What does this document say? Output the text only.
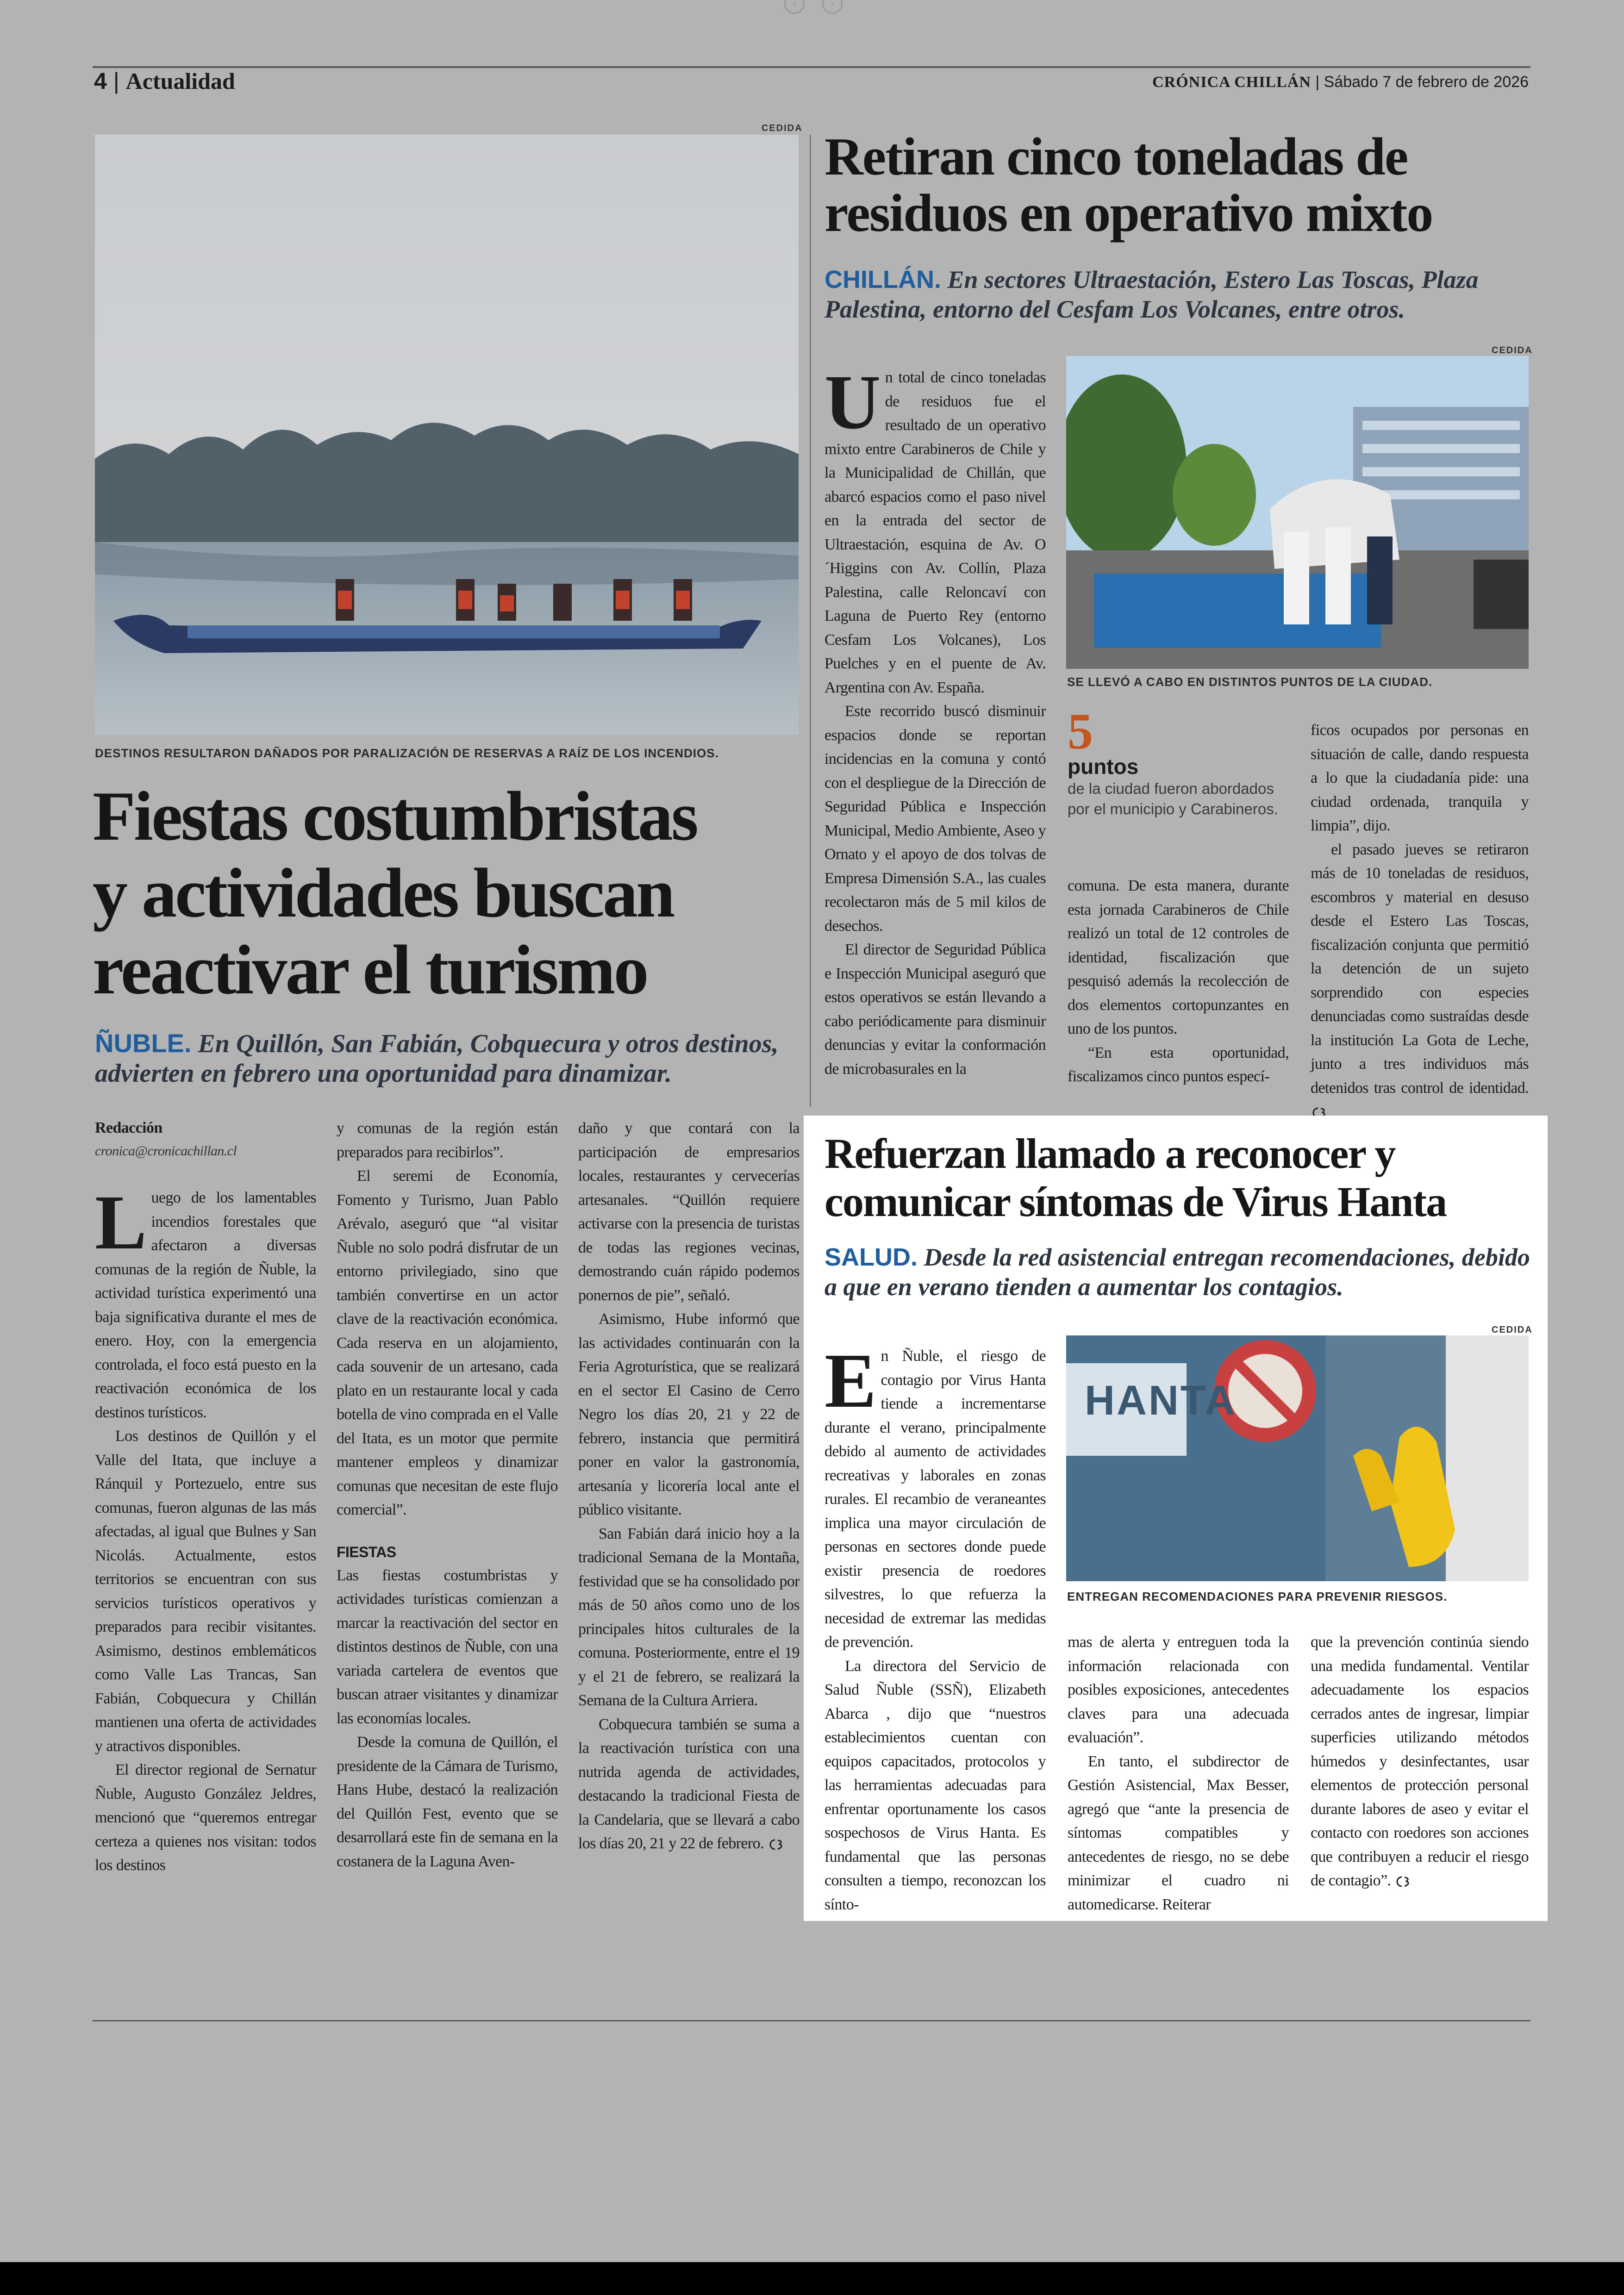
‹	›
4 | Actualidad	CRÓNICA CHILLÁN | Sábado 7 de febrero de 2026
CEDIDA
DESTINOS RESULTARON DAÑADOS POR PARALIZACIÓN DE RESERVAS A RAÍZ DE LOS INCENDIOS.
Fiestas costumbristas
y actividades buscan
reactivar el turismo

ÑUBLE. En Quillón, San Fabián, Cobquecura y otros destinos, advierten en febrero una oportunidad para dinamizar.

Redacción
cronica@cronicachillan.cl

Luego de los lamentables incendios forestales que afectaron a diversas comunas de la región de Ñuble, la actividad turística experimentó una baja significativa durante el mes de enero. Hoy, con la emergencia controlada, el foco está puesto en la reactivación económica de los destinos turísticos.

Los destinos de Quillón y el Valle del Itata, que incluye a Ránquil y Portezuelo, entre sus comunas, fueron algunas de las más afectadas, al igual que Bulnes y San Nicolás. Actualmente, estos territorios se encuentran con sus servicios turísticos operativos y preparados para recibir visitantes. Asimismo, destinos emblemáticos como Valle Las Trancas, San Fabián, Cobquecura y Chillán mantienen una oferta de actividades y atractivos disponibles.

El director regional de Sernatur Ñuble, Augusto González Jeldres, mencionó que “queremos entregar certeza a quienes nos visitan: todos los destinos

y comunas de la región están preparados para recibirlos”.

El seremi de Economía, Fomento y Turismo, Juan Pablo Arévalo, aseguró que “al visitar Ñuble no solo podrá disfrutar de un entorno privilegiado, sino que también convertirse en un actor clave de la reactivación económica. Cada reserva en un alojamiento, cada souvenir de un artesano, cada plato en un restaurante local y cada botella de vino comprada en el Valle del Itata, es un motor que permite mantener empleos y dinamizar comunas que necesitan de este flujo comercial”.

FIESTAS

Las fiestas costumbristas y actividades turísticas comienzan a marcar la reactivación del sector en distintos destinos de Ñuble, con una variada cartelera de eventos que buscan atraer visitantes y dinamizar las economías locales.

Desde la comuna de Quillón, el presidente de la Cámara de Turismo, Hans Hube, destacó la realización del Quillón Fest, evento que se desarrollará este fin de semana en la costanera de la Laguna Aven-

daño y que contará con la participación de empresarios locales, restaurantes y cervecerías artesanales. “Quillón requiere activarse con la presencia de turistas de todas las regiones vecinas, demostrando cuán rápido podemos ponernos de pie”, señaló.

Asimismo, Hube informó que las actividades continuarán con la Feria Agroturística, que se realizará en el sector El Casino de Cerro Negro los días 20, 21 y 22 de febrero, instancia que permitirá poner en valor la gastronomía, artesanía y licorería local ante el público visitante.

San Fabián dará inicio hoy a la tradicional Semana de la Montaña, festividad que se ha consolidado por más de 50 años como uno de los principales hitos culturales de la comuna. Posteriormente, entre el 19 y el 21 de febrero, se realizará la Semana de la Cultura Arriera.

Cobquecura también se suma a la reactivación turística con una nutrida agenda de actividades, destacando la tradicional Fiesta de la Candelaria, que se llevará a cabo los días 20, 21 y 22 de febrero.

Retiran cinco toneladas de
residuos en operativo mixto

CHILLÁN. En sectores Ultraestación, Estero Las Toscas, Plaza Palestina, entorno del Cesfam Los Volcanes, entre otros.

CEDIDA
SE LLEVÓ A CABO EN DISTINTOS PUNTOS DE LA CIUDAD.

Un total de cinco toneladas de residuos fue el resultado de un operativo mixto entre Carabineros de Chile y la Municipalidad de Chillán, que abarcó espacios como el paso nivel en la entrada del sector de Ultraestación, esquina de Av. O´Higgins con Av. Collín, Plaza Palestina, calle Reloncaví con Laguna de Puerto Rey (entorno Cesfam Los Volcanes), Los Puelches y en el puente de Av. Argentina con Av. España.

Este recorrido buscó disminuir espacios donde se reportan incidencias en la comuna y contó con el despliegue de la Dirección de Seguridad Pública e Inspección Municipal, Medio Ambiente, Aseo y Ornato y el apoyo de dos tolvas de Empresa Dimensión S.A., las cuales recolectaron más de 5 mil kilos de desechos.

El director de Seguridad Pública e Inspección Municipal aseguró que estos operativos se están llevando a cabo periódicamente para disminuir denuncias y evitar la conformación de microbasurales en la

5
puntos
de la ciudad fueron abordados por el municipio y Carabineros.

comuna. De esta manera, durante esta jornada Carabineros de Chile realizó un total de 12 controles de identidad, fiscalización que pesquisó además la recolección de dos elementos cortopunzantes en uno de los puntos.

“En esta oportunidad, fiscalizamos cinco puntos especí-

ficos ocupados por personas en situación de calle, dando respuesta a lo que la ciudadanía pide: una ciudad ordenada, tranquila y limpia”, dijo.

el pasado jueves se retiraron más de 10 toneladas de residuos, escombros y material en desuso desde el Estero Las Toscas, fiscalización conjunta que permitió la detención de un sujeto sorprendido con especies denunciadas como sustraídas desde la institución La Gota de Leche, junto a tres individuos más detenidos tras control de identidad.

Refuerzan llamado a reconocer y
comunicar síntomas de Virus Hanta

SALUD. Desde la red asistencial entregan recomendaciones, debido a que en verano tienden a aumentar los contagios.

CEDIDA
HANTA
ENTREGAN RECOMENDACIONES PARA PREVENIR RIESGOS.

En Ñuble, el riesgo de contagio por Virus Hanta tiende a incrementarse durante el verano, principalmente debido al aumento de actividades recreativas y laborales en zonas rurales. El recambio de veraneantes implica una mayor circulación de personas en sectores donde puede existir presencia de roedores silvestres, lo que refuerza la necesidad de extremar las medidas de prevención.

La directora del Servicio de Salud Ñuble (SSÑ), Elizabeth Abarca , dijo que “nuestros establecimientos cuentan con equipos capacitados, protocolos y las herramientas adecuadas para enfrentar oportunamente los casos sospechosos de Virus Hanta. Es fundamental que las personas consulten a tiempo, reconozcan los sínto-

mas de alerta y entreguen toda la información relacionada con posibles exposiciones, antecedentes claves para una adecuada evaluación”.

En tanto, el subdirector de Gestión Asistencial, Max Besser, agregó que “ante la presencia de síntomas compatibles y antecedentes de riesgo, no se debe minimizar el cuadro ni automedicarse. Reiterar

que la prevención continúa siendo una medida fundamental. Ventilar adecuadamente los espacios cerrados antes de ingresar, limpiar superficies utilizando métodos húmedos y desinfectantes, usar elementos de protección personal durante labores de aseo y evitar el contacto con roedores son acciones que contribuyen a reducir el riesgo de contagio”.
